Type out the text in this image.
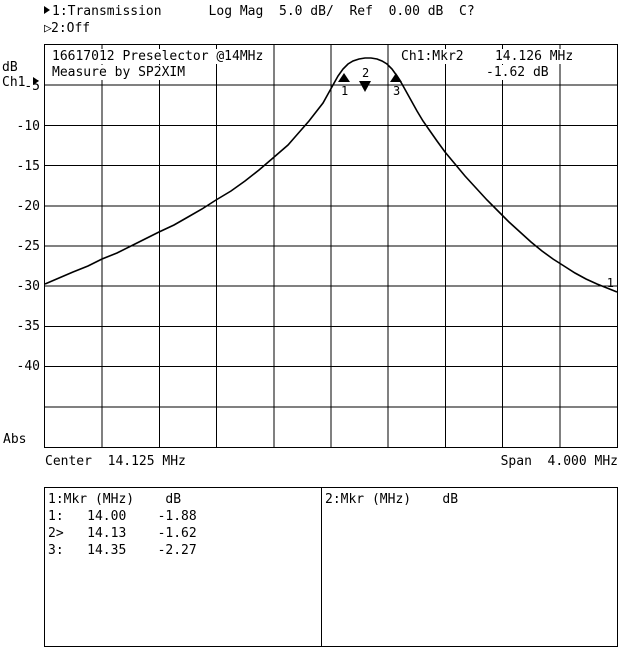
1:Transmission	Log Mag 5.0 dB/ Ref 0.00 dB C?
▷2:Off
dB
Ch1
-5
-10
-15
-20
-25
-30
-35
-40
Abs
1
2
3
1
16617012 Preselector @14MHz
Measure by SP2XIM
Ch1:Mkr2 14.126 MHz
-1.62 dB
Center  14.125 MHz	Span  4.000 MHz
1:Mkr (MHz)    dB
1:   14.00    -1.88
2>   14.13    -1.62
3:   14.35    -2.27
2:Mkr (MHz)    dB
